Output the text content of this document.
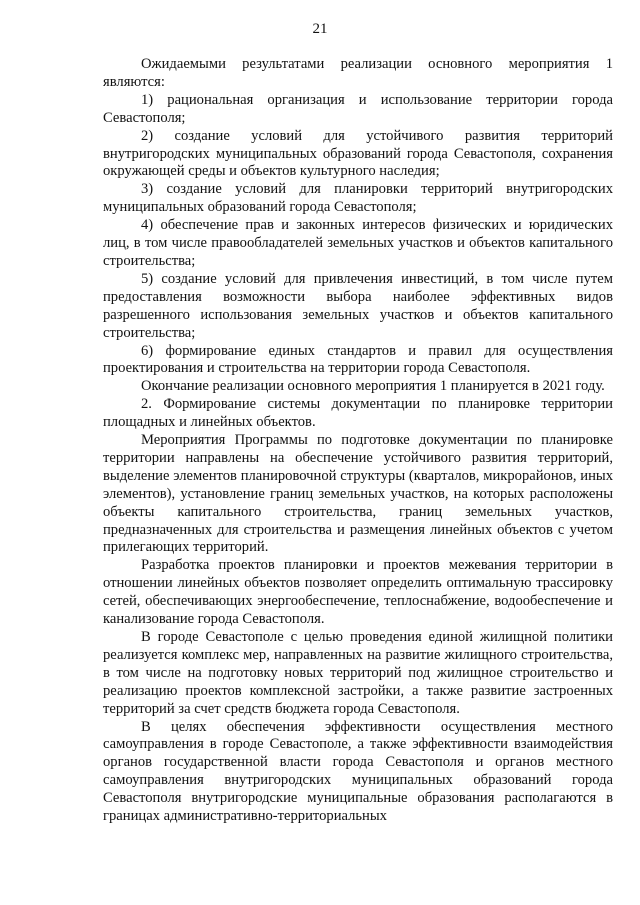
21

Ожидаемыми результатами реализации основного мероприятия 1 являются:

1) рациональная организация и использование территории города Севастополя;

2) создание условий для устойчивого развития территорий внутригородских муниципальных образований города Севастополя, сохранения окружающей среды и объектов культурного наследия;

3) создание условий для планировки территорий внутригородских муниципальных образований города Севастополя;

4) обеспечение прав и законных интересов физических и юридических лиц, в том числе правообладателей земельных участков и объектов капитального строительства;

5) создание условий для привлечения инвестиций, в том числе путем предоставления возможности выбора наиболее эффективных видов разрешенного использования земельных участков и объектов капитального строительства;

6) формирование единых стандартов и правил для осуществления проектирования и строительства на территории города Севастополя.

Окончание реализации основного мероприятия 1 планируется в 2021 году.

2. Формирование системы документации по планировке территории площадных и линейных объектов.

Мероприятия Программы по подготовке документации по планировке территории направлены на обеспечение устойчивого развития территорий, выделение элементов планировочной структуры (кварталов, микрорайонов, иных элементов), установление границ земельных участков, на которых расположены объекты капитального строительства, границ земельных участков, предназначенных для строительства и размещения линейных объектов с учетом прилегающих территорий.

Разработка проектов планировки и проектов межевания территории в отношении линейных объектов позволяет определить оптимальную трассировку сетей, обеспечивающих энергообеспечение, теплоснабжение, водообеспечение и канализование города Севастополя.

В городе Севастополе с целью проведения единой жилищной политики реализуется комплекс мер, направленных на развитие жилищного строительства, в том числе на подготовку новых территорий под жилищное строительство и реализацию проектов комплексной застройки, а также развитие застроенных территорий за счет средств бюджета города Севастополя.

В целях обеспечения эффективности осуществления местного самоуправления в городе Севастополе, а также эффективности взаимодействия органов государственной власти города Севастополя и органов местного самоуправления внутригородских муниципальных образований города Севастополя внутригородские муниципальные образования располагаются в границах административно-территориальных
